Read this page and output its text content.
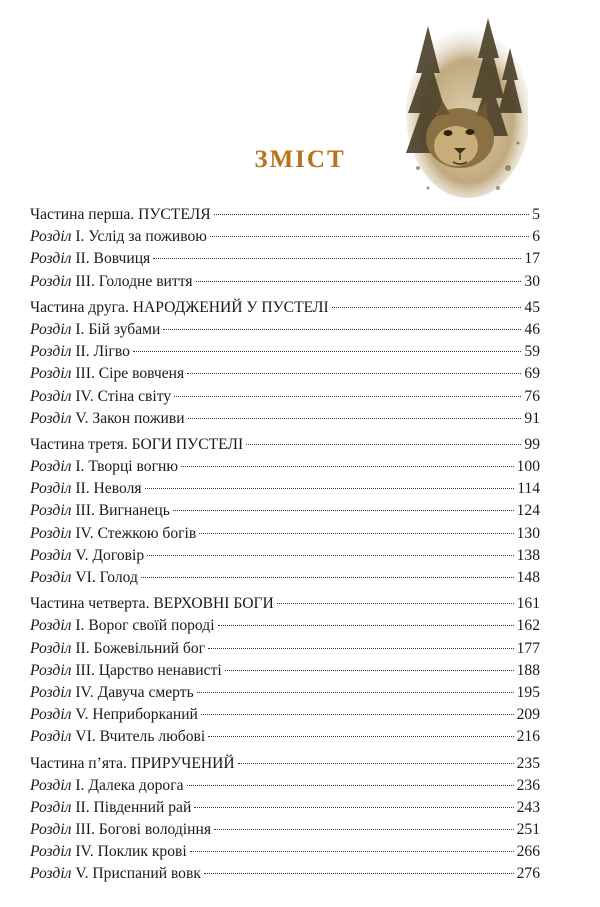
ЗМІСТ
Частина перша. ПУСТЕЛЯ	5
Розділ I. Услід за поживою	6
Розділ II. Вовчиця	17
Розділ III. Голодне виття	30
Частина друга. НАРОДЖЕНИЙ У ПУСТЕЛІ	45
Розділ I. Бій зубами	46
Розділ II. Лігво	59
Розділ III. Сіре вовченя	69
Розділ IV. Стіна світу	76
Розділ V. Закон поживи	91
Частина третя. БОГИ ПУСТЕЛІ	99
Розділ I. Творці вогню	100
Розділ II. Неволя	114
Розділ III. Вигнанець	124
Розділ IV. Стежкою богів	130
Розділ V. Договір	138
Розділ VI. Голод	148
Частина четверта. ВЕРХОВНІ БОГИ	161
Розділ I. Ворог своїй породі	162
Розділ II. Божевільний бог	177
Розділ III. Царство ненависті	188
Розділ IV. Давуча смерть	195
Розділ V. Неприборканий	209
Розділ VI. Вчитель любові	216
Частина п’ята. ПРИРУЧЕНИЙ	235
Розділ I. Далека дорога	236
Розділ II. Південний рай	243
Розділ III. Богові володіння	251
Розділ IV. Поклик крові	266
Розділ V. Приспаний вовк	276
